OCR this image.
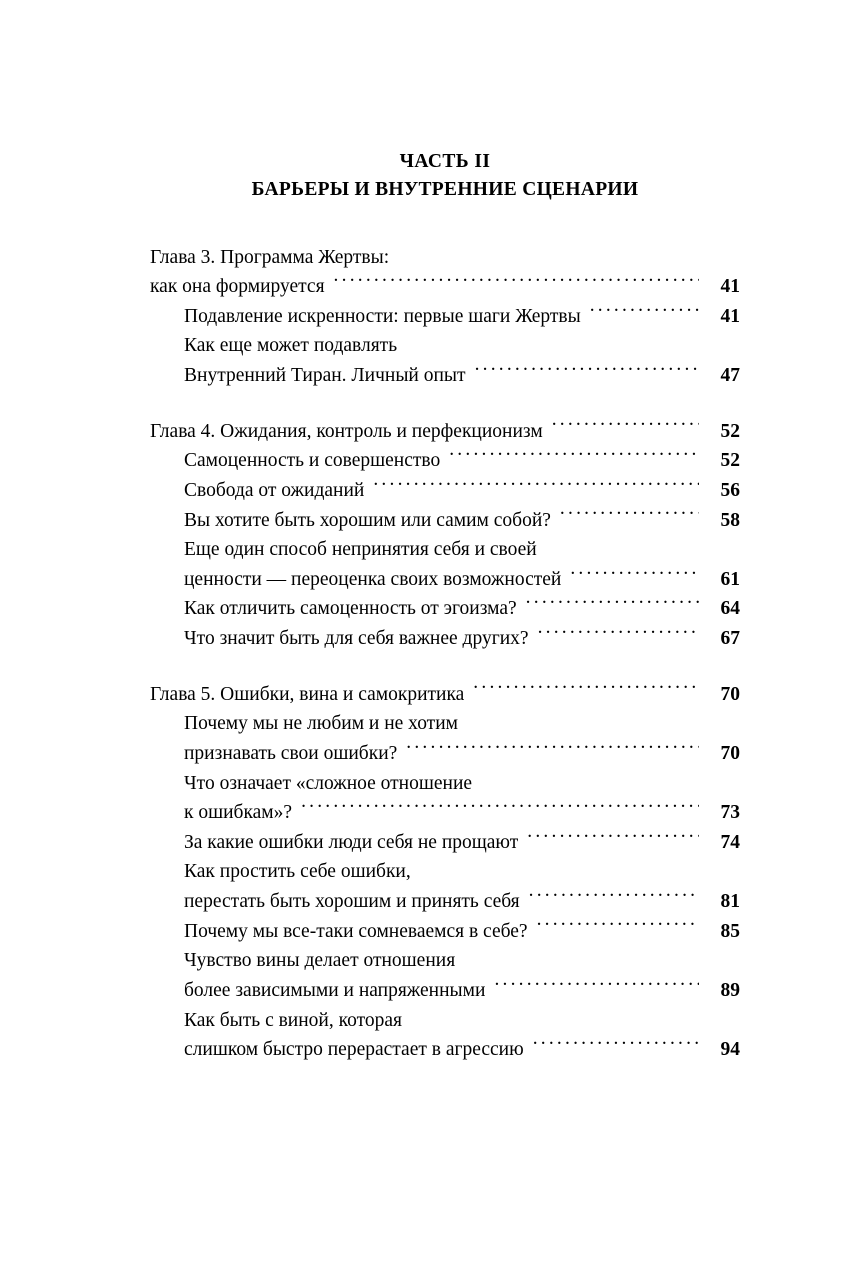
ЧАСТЬ II
БАРЬЕРЫ И ВНУТРЕННИЕ СЦЕНАРИИ
Глава 3. Программа Жертвы:
как она формируется .....	41
Подавление искренности: первые шаги Жертвы .....	41
Как еще может подавлять
Внутренний Тиран. Личный опыт .....	47
Глава 4. Ожидания, контроль и перфекционизм .....	52
Самоценность и совершенство .....	52
Свобода от ожиданий .....	56
Вы хотите быть хорошим или самим собой? .....	58
Еще один способ непринятия себя и своей
ценности — переоценка своих возможностей .....	61
Как отличить самоценность от эгоизма? .....	64
Что значит быть для себя важнее других? .....	67
Глава 5. Ошибки, вина и самокритика .....	70
Почему мы не любим и не хотим
признавать свои ошибки? .....	70
Что означает «сложное отношение
к ошибкам»? .....	73
За какие ошибки люди себя не прощают .....	74
Как простить себе ошибки,
перестать быть хорошим и принять себя .....	81
Почему мы все-таки сомневаемся в себе? .....	85
Чувство вины делает отношения
более зависимыми и напряженными .....	89
Как быть с виной, которая
слишком быстро перерастает в агрессию .....	94
